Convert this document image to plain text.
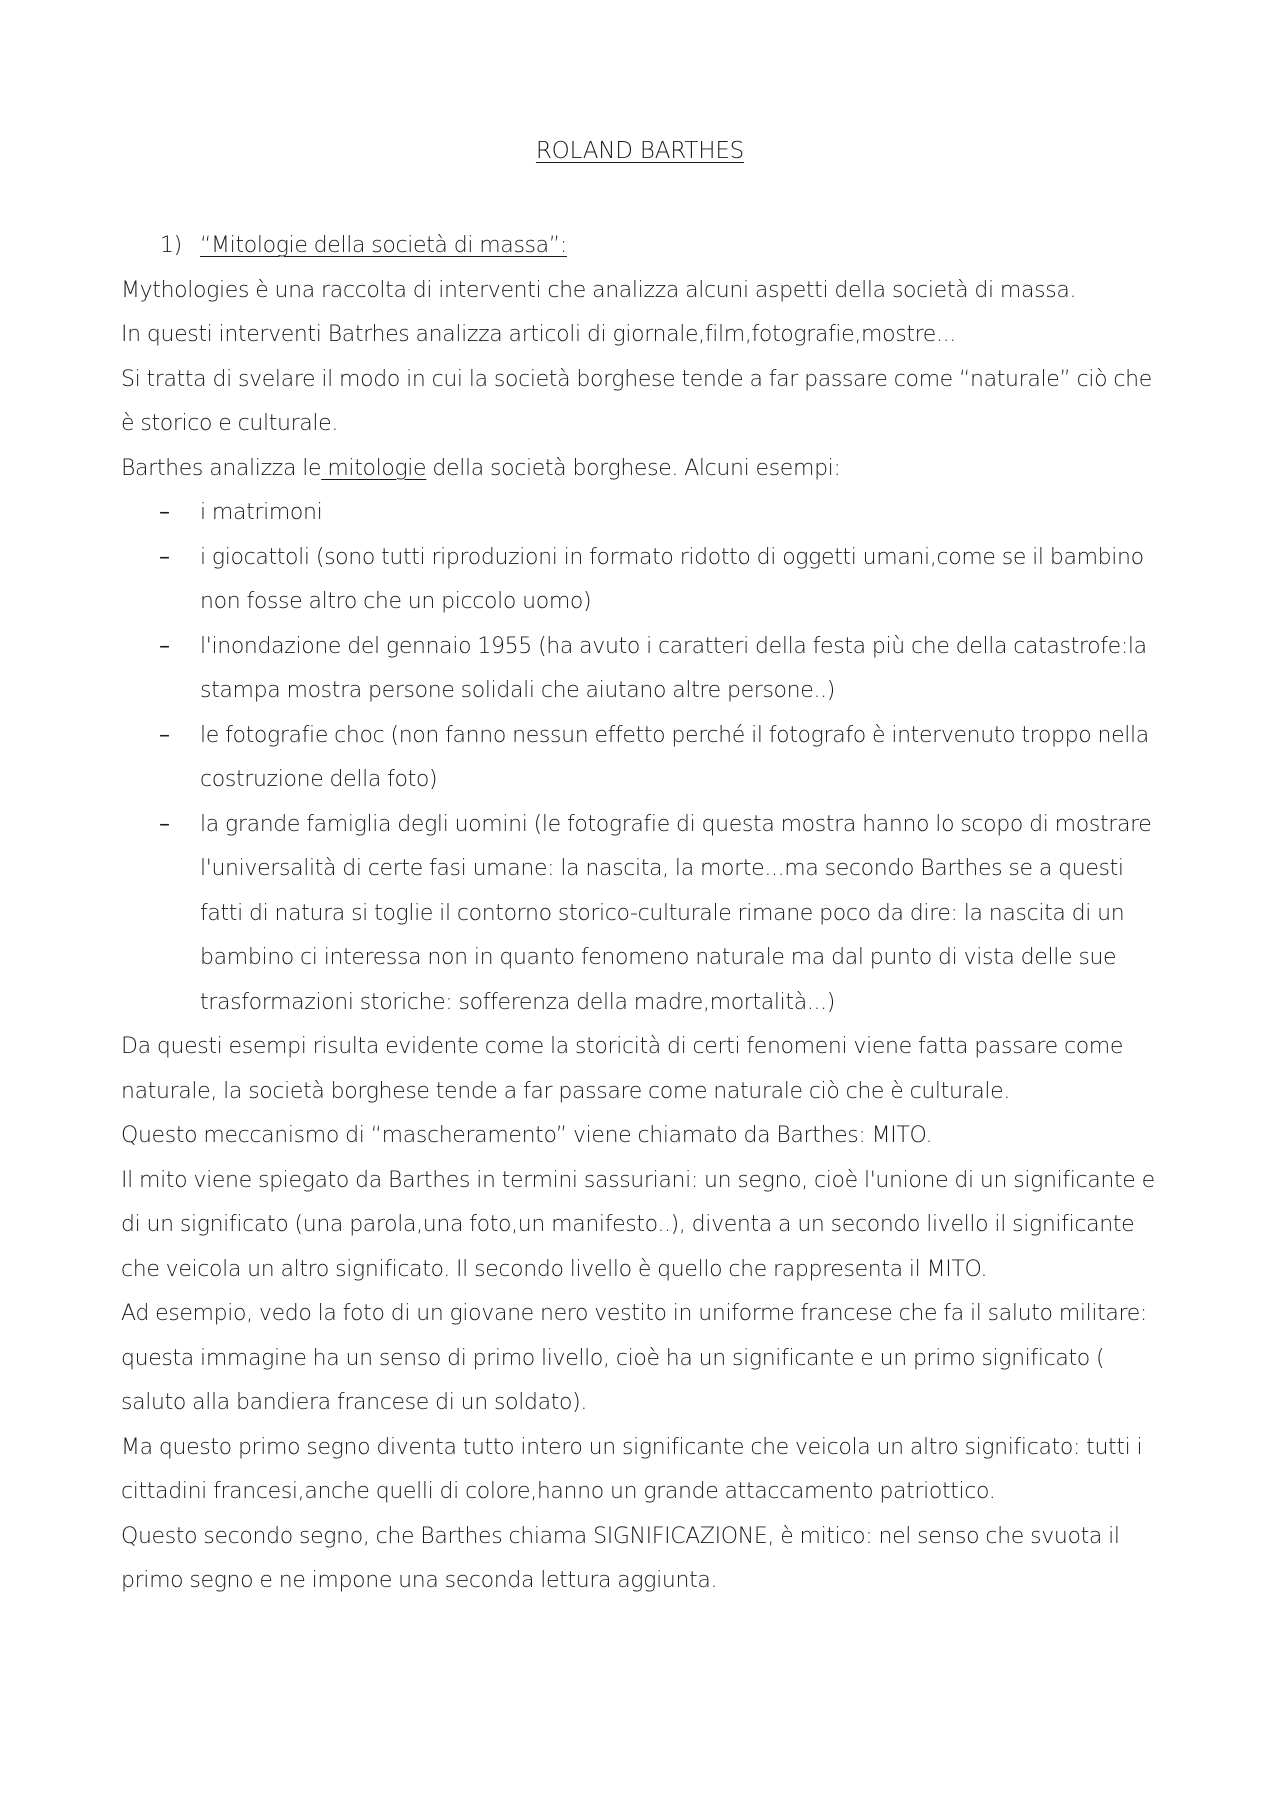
ROLAND BARTHES
1) “Mitologie della società di massa”:

Mythologies è una raccolta di interventi che analizza alcuni aspetti della società di massa.

In questi interventi Batrhes analizza articoli di giornale,film,fotografie,mostre...

Si tratta di svelare il modo in cui la società borghese tende a far passare come “naturale” ciò che è storico e culturale.

Barthes analizza le mitologie della società borghese. Alcuni esempi:

– i matrimoni
– i giocattoli (sono tutti riproduzioni in formato ridotto di oggetti umani,come se il bambino non fosse altro che un piccolo uomo)
– l'inondazione del gennaio 1955 (ha avuto i caratteri della festa più che della catastrofe:la stampa mostra persone solidali che aiutano altre persone..)
– le fotografie choc (non fanno nessun effetto perché il fotografo è intervenuto troppo nella costruzione della foto)
– la grande famiglia degli uomini (le fotografie di questa mostra hanno lo scopo di mostrare l'universalità di certe fasi umane: la nascita, la morte...ma secondo Barthes se a questi fatti di natura si toglie il contorno storico-culturale rimane poco da dire: la nascita di un bambino ci interessa non in quanto fenomeno naturale ma dal punto di vista delle sue trasformazioni storiche: sofferenza della madre,mortalità...)

Da questi esempi risulta evidente come la storicità di certi fenomeni viene fatta passare come naturale, la società borghese tende a far passare come naturale ciò che è culturale.

Questo meccanismo di “mascheramento” viene chiamato da Barthes: MITO.

Il mito viene spiegato da Barthes in termini sassuriani: un segno, cioè l'unione di un significante e di un significato (una parola,una foto,un manifesto..), diventa a un secondo livello il significante che veicola un altro significato. Il secondo livello è quello che rappresenta il MITO.

Ad esempio, vedo la foto di un giovane nero vestito in uniforme francese che fa il saluto militare: questa immagine ha un senso di primo livello, cioè ha un significante e un primo significato ( saluto alla bandiera francese di un soldato).

Ma questo primo segno diventa tutto intero un significante che veicola un altro significato: tutti i cittadini francesi,anche quelli di colore,hanno un grande attaccamento patriottico.

Questo secondo segno, che Barthes chiama SIGNIFICAZIONE, è mitico: nel senso che svuota il primo segno e ne impone una seconda lettura aggiunta.
